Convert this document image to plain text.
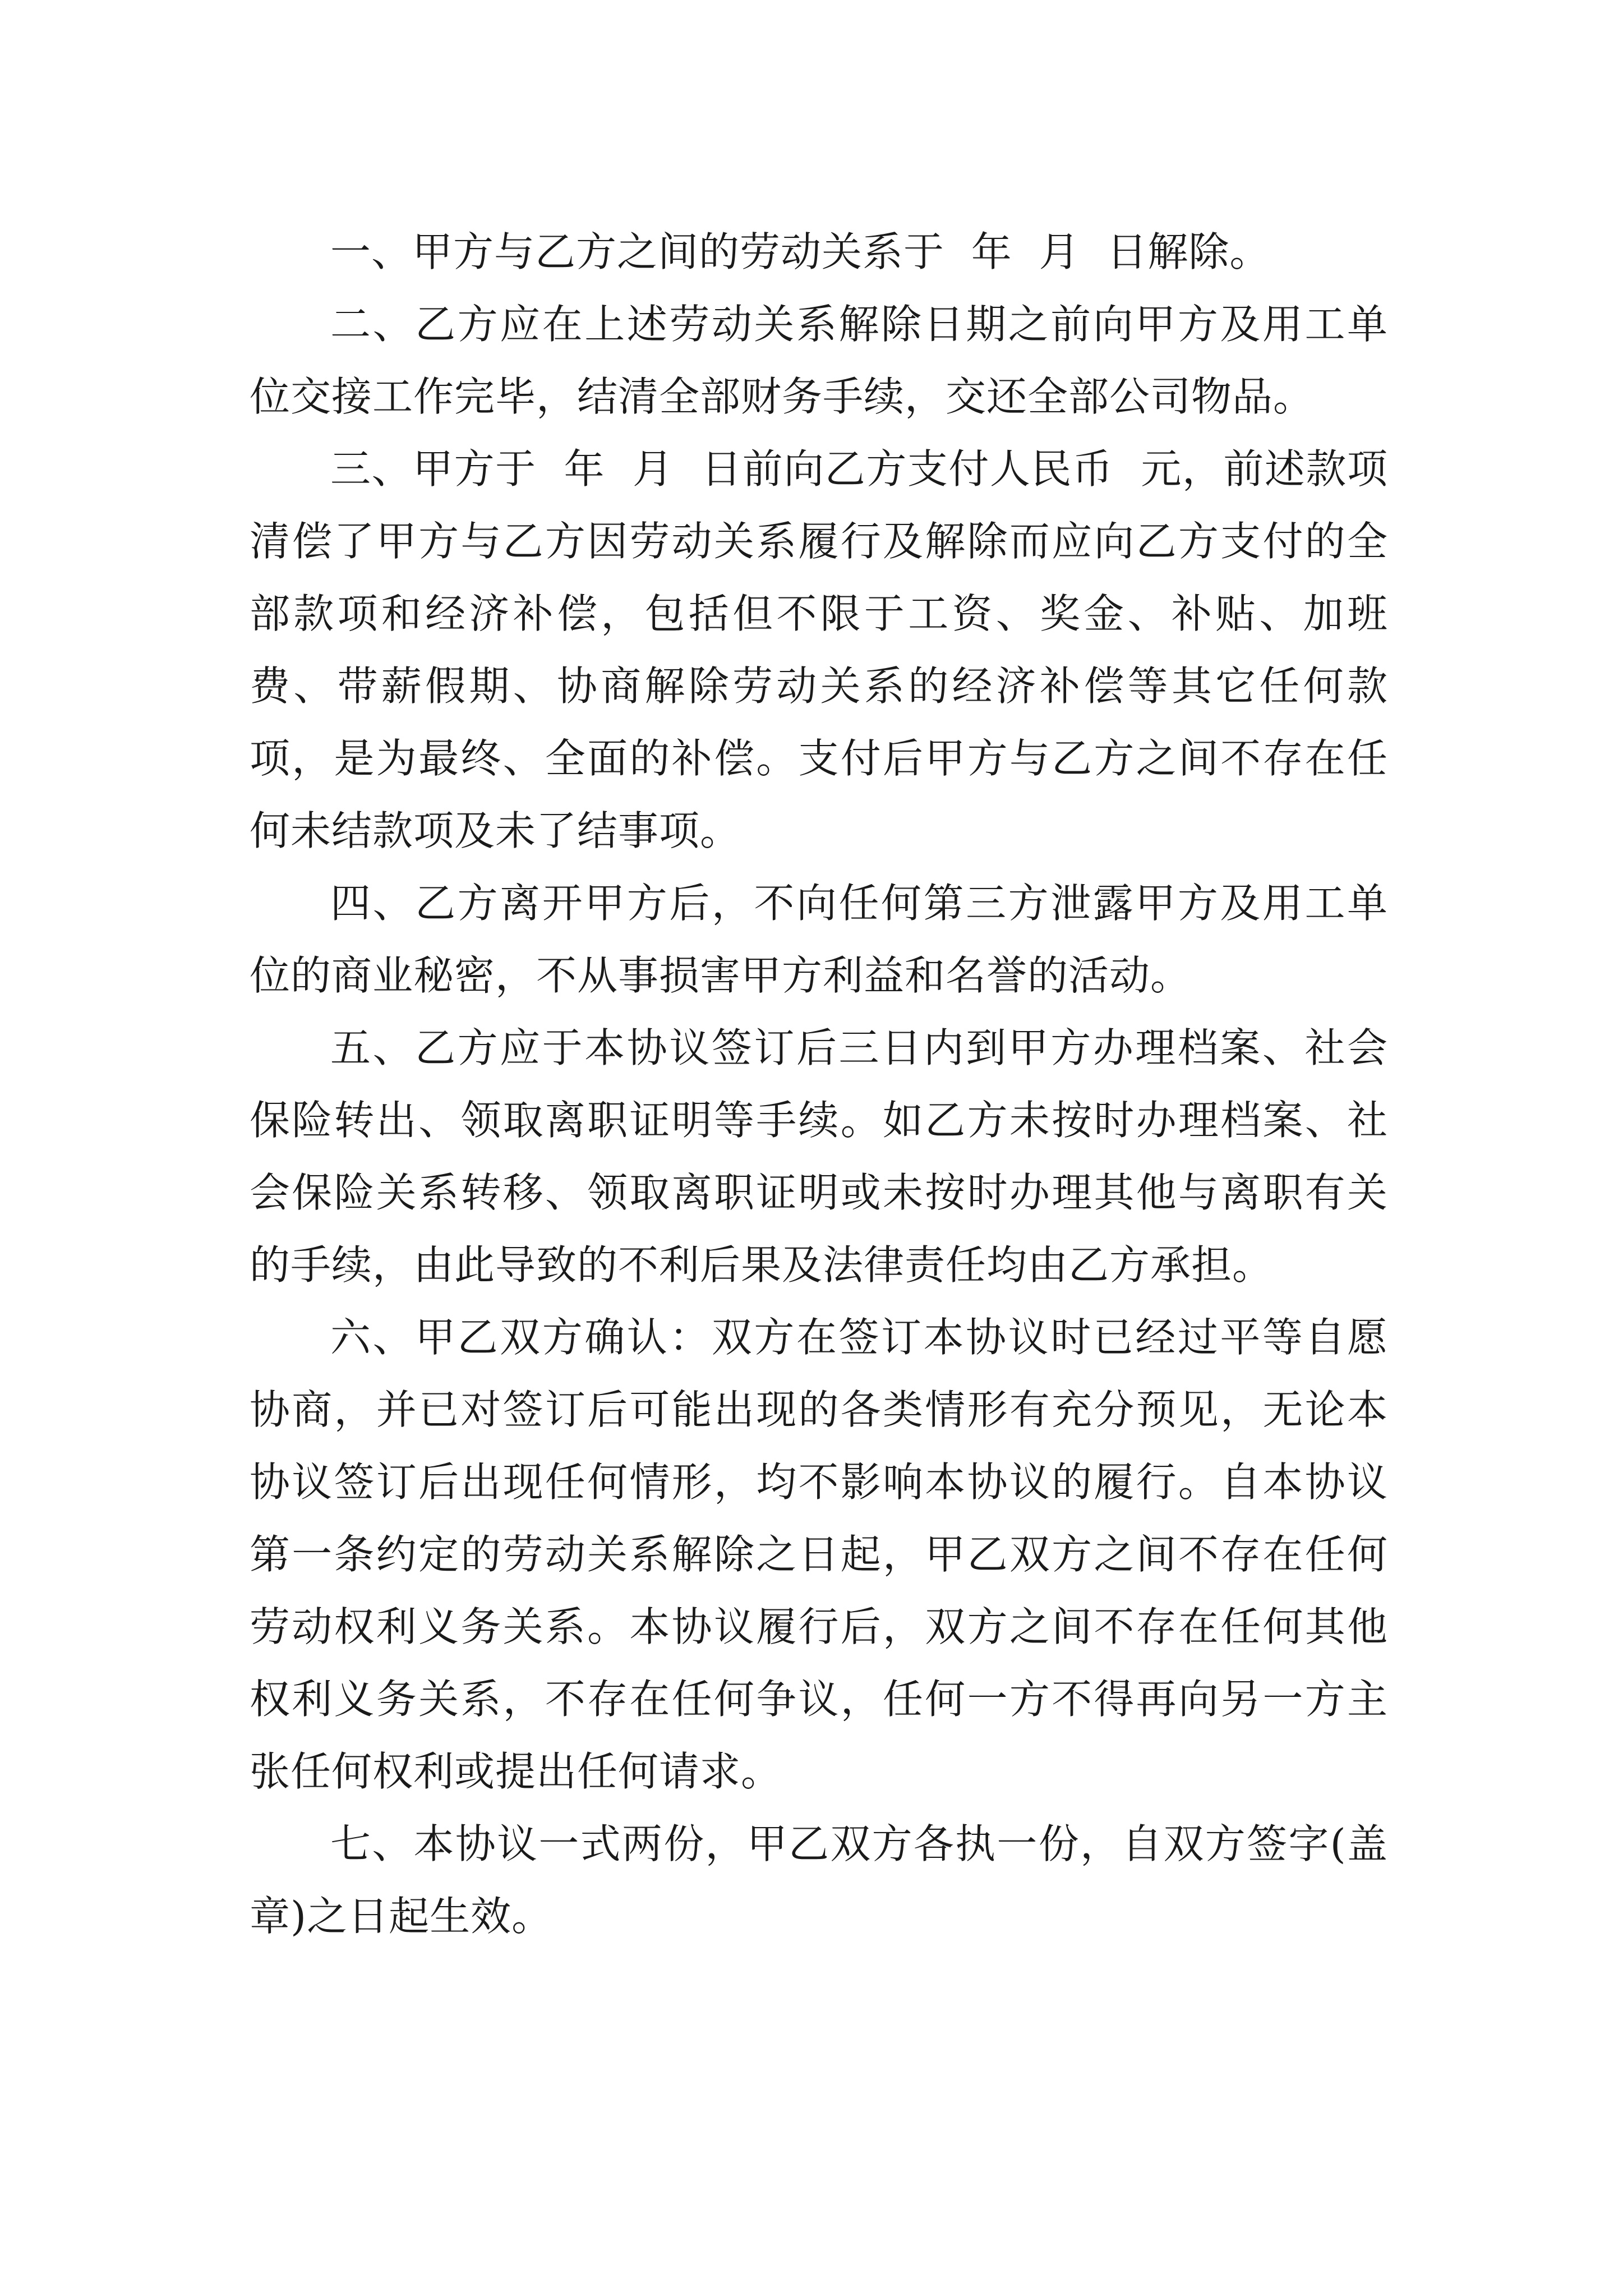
一、甲方与乙方之间的劳动关系于  年  月  日解除。

二、乙方应在上述劳动关系解除日期之前向甲方及用工单位交接工作完毕，结清全部财务手续，交还全部公司物品。

三、甲方于  年  月  日前向乙方支付人民币  元，前述款项清偿了甲方与乙方因劳动关系履行及解除而应向乙方支付的全部款项和经济补偿，包括但不限于工资、奖金、补贴、加班费、带薪假期、协商解除劳动关系的经济补偿等其它任何款项，是为最终、全面的补偿。支付后甲方与乙方之间不存在任何未结款项及未了结事项。

四、乙方离开甲方后，不向任何第三方泄露甲方及用工单位的商业秘密，不从事损害甲方利益和名誉的活动。

五、乙方应于本协议签订后三日内到甲方办理档案、社会保险转出、领取离职证明等手续。如乙方未按时办理档案、社会保险关系转移、领取离职证明或未按时办理其他与离职有关的手续，由此导致的不利后果及法律责任均由乙方承担。

六、甲乙双方确认：双方在签订本协议时已经过平等自愿协商，并已对签订后可能出现的各类情形有充分预见，无论本协议签订后出现任何情形，均不影响本协议的履行。自本协议第一条约定的劳动关系解除之日起，甲乙双方之间不存在任何劳动权利义务关系。本协议履行后，双方之间不存在任何其他权利义务关系，不存在任何争议，任何一方不得再向另一方主张任何权利或提出任何请求。

七、本协议一式两份，甲乙双方各执一份，自双方签字(盖章)之日起生效。
